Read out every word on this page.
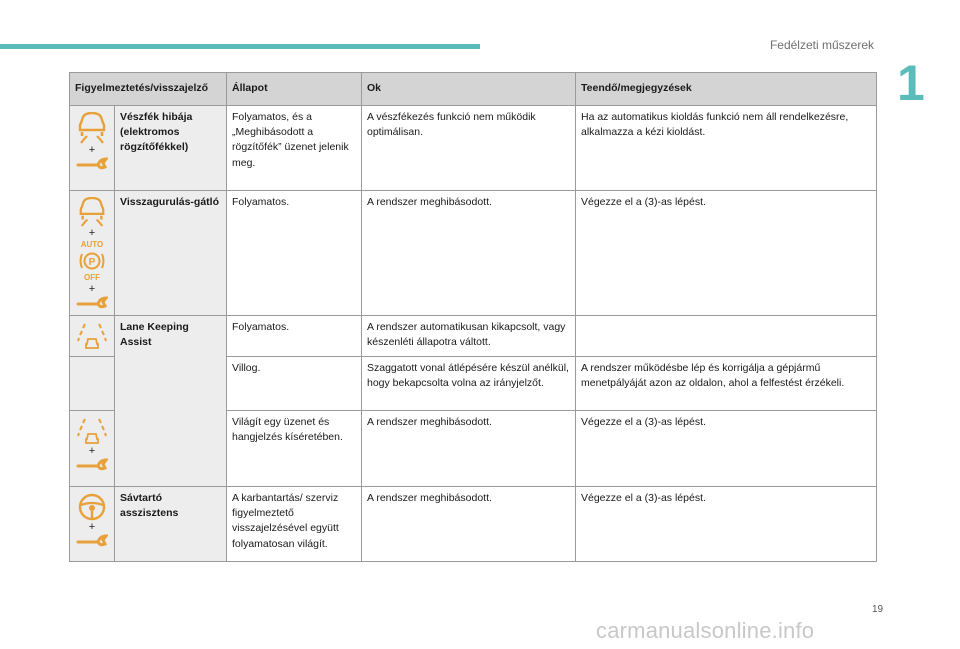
Fedélzeti műszerek
1
Figyelmeztetés/visszajelző		Állapot	Ok	Teendő/megjegyzések

+	Vészfék hibája (elektromos rögzítőfékkel)	Folyamatos, és a „Meghibásodott a rögzítőfék” üzenet jelenik meg.	A vészfékezés funkció nem működik optimálisan.	Ha az automatikus kioldás funkció nem áll rendelkezésre, alkalmazza a kézi kioldást.

+
AUTO
P
OFF
+	Visszagurulás-gátló	Folyamatos.	A rendszer meghibásodott.	Végezze el a (3)-as lépést.

	Lane Keeping Assist	Folyamatos.	A rendszer automatikusan kikapcsolt, vagy készenléti állapotra váltott.	
		Villog.	Szaggatott vonal átlépésére készül anélkül, hogy bekapcsolta volna az irányjelzőt.	A rendszer működésbe lép és korrigálja a gépjármű menetpályáját azon az oldalon, ahol a felfestést érzékeli.

+		Világít egy üzenet és hangjelzés kíséretében.	A rendszer meghibásodott.	Végezze el a (3)-as lépést.

+	Sávtartó asszisztens	A karbantartás/ szerviz figyelmeztető visszajelzésével együtt folyamatosan világít.	A rendszer meghibásodott.	Végezze el a (3)-as lépést.
19
carmanualsonline.info
